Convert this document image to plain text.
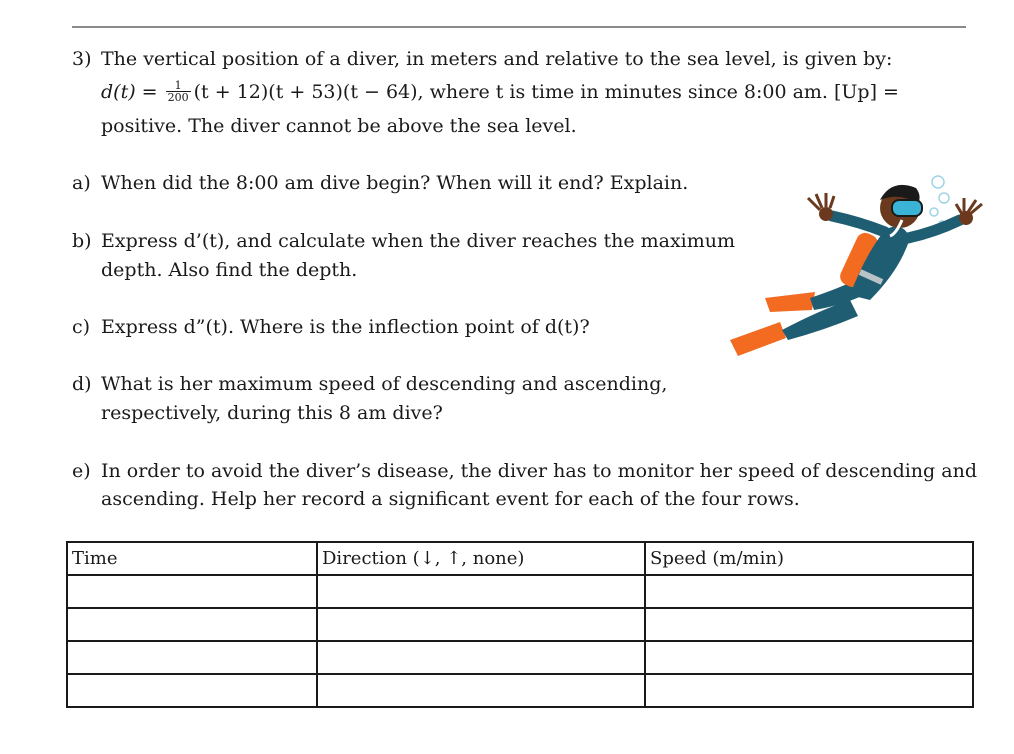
3) The vertical position of a diver, in meters and relative to the sea level, is given by:
$d(t) = \frac{1}{200} (t + 12)(t + 53)(t - 64)$, where t is time in minutes since 8:00 am. [Up] =
positive. The diver cannot be above the sea level.
a) When did the 8:00 am dive begin? When will it end? Explain.
b) Express d’(t), and calculate when the diver reaches the maximum
depth. Also find the depth.
c) Express d”(t). Where is the inflection point of d(t)?
d) What is her maximum speed of descending and ascending,
respectively, during this 8 am dive?
e) In order to avoid the diver’s disease, the diver has to monitor her speed of descending and
ascending. Help her record a significant event for each of the four rows.
Time	Direction (↓, ↑, none)	Speed (m/min)
